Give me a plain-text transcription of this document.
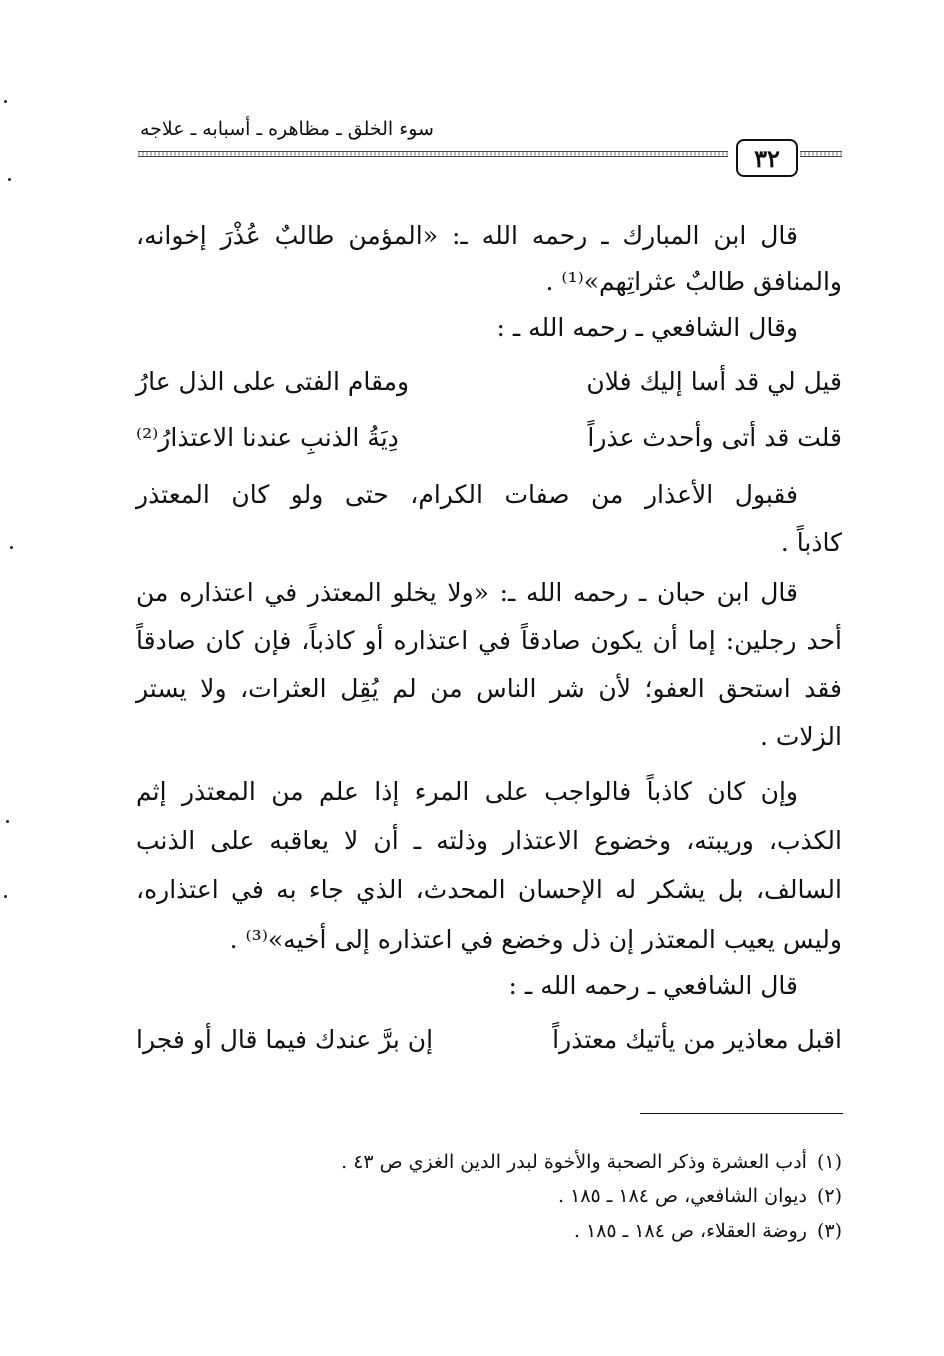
سوء الخلق ـ مظاهره ـ أسبابه ـ علاجه
٣٢
قال ابن المبارك ـ رحمه الله ـ: «المؤمن طالبٌ عُذْرَ إخوانه،
والمنافق طالبٌ عثراتِهم»⁽¹⁾ .
وقال الشافعي ـ رحمه الله ـ :
قيل لي قد أسا إليك فلان
ومقام الفتى على الذل عارُ
قلت قد أتى وأحدث عذراً
دِيَةُ الذنبِ عندنا الاعتذارُ⁽²⁾
فقبول الأعذار من صفات الكرام، حتى ولو كان المعتذر
كاذباً .
قال ابن حبان ـ رحمه الله ـ: «ولا يخلو المعتذر في اعتذاره من
أحد رجلين: إما أن يكون صادقاً في اعتذاره أو كاذباً، فإن كان صادقاً
فقد استحق العفو؛ لأن شر الناس من لم يُقِل العثرات، ولا يستر
الزلات .
وإن كان كاذباً فالواجب على المرء إذا علم من المعتذر إثم
الكذب، وريبته، وخضوع الاعتذار وذلته ـ أن لا يعاقبه على الذنب
السالف، بل يشكر له الإحسان المحدث، الذي جاء به في اعتذاره،
وليس يعيب المعتذر إن ذل وخضع في اعتذاره إلى أخيه»⁽³⁾ .
قال الشافعي ـ رحمه الله ـ :
اقبل معاذير من يأتيك معتذراً
إن برَّ عندك فيما قال أو فجرا
(١)أدب العشرة وذكر الصحبة والأخوة لبدر الدين الغزي ص ٤٣ .
(٢)ديوان الشافعي، ص ١٨٤ ـ ١٨٥ .
(٣)روضة العقلاء، ص ١٨٤ ـ ١٨٥ .
